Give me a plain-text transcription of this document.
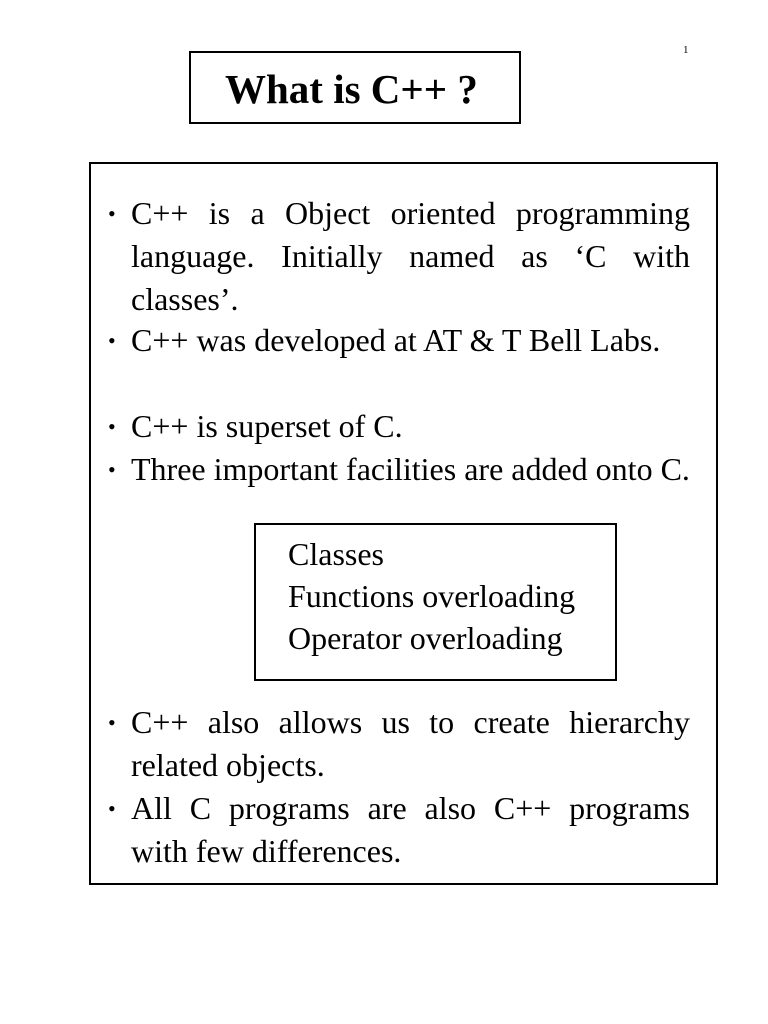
1
What is C++ ?
• C++ is a Object oriented programming language. Initially named as ‘C with classes’.
• C++ was developed at AT & T Bell Labs.
• C++ is superset of C.
• Three important facilities are added onto C.
• C++ also allows us to create hierarchy related objects.
• All C programs are also C++ programs with few differences.
Classes
Functions overloading
Operator overloading
